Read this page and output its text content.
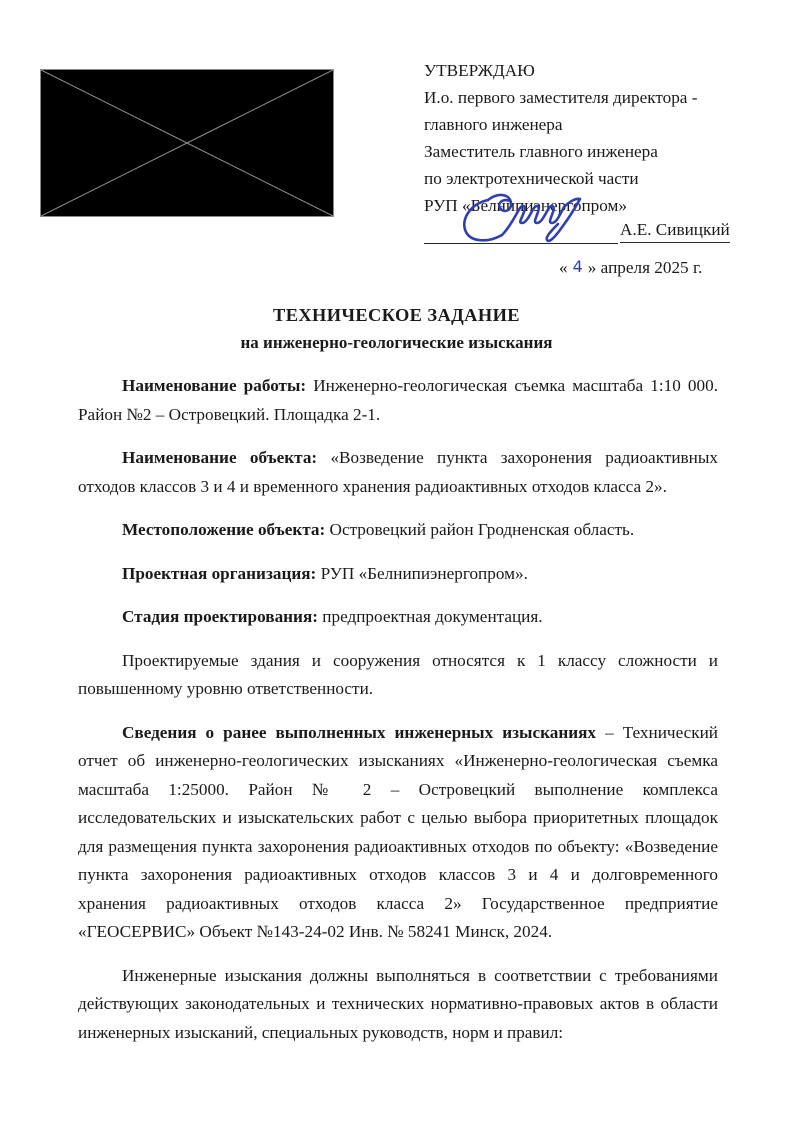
УТВЕРЖДАЮ
И.о. первого заместителя директора -
главного инженера
Заместитель главного инженера
по электротехнической части
РУП «Белнипиэнергопром»
А.Е. Сивицкий
« 4 » апреля 2025 г.
ТЕХНИЧЕСКОЕ ЗАДАНИЕ
на инженерно-геологические изыскания

Наименование работы: Инженерно-геологическая съемка масштаба 1:10 000. Район №2 – Островецкий. Площадка 2-1.

Наименование объекта: «Возведение пункта захоронения радиоактивных отходов классов 3 и 4 и временного хранения радиоактивных отходов класса 2».

Местоположение объекта: Островецкий район Гродненская область.

Проектная организация: РУП «Белнипиэнергопром».

Стадия проектирования: предпроектная документация.

Проектируемые здания и сооружения относятся к 1 классу сложности и повышенному уровню ответственности.

Сведения о ранее выполненных инженерных изысканиях – Технический отчет об инженерно-геологических изысканиях «Инженерно-геологическая съемка масштаба 1:25000. Район № 2 – Островецкий выполнение комплекса исследовательских и изыскательских работ с целью выбора приоритетных площадок для размещения пункта захоронения радиоактивных отходов по объекту: «Возведение пункта захоронения радиоактивных отходов классов 3 и 4 и долговременного хранения радиоактивных отходов класса 2» Государственное предприятие «ГЕОСЕРВИС» Объект №143-24-02 Инв. № 58241 Минск, 2024.

Инженерные изыскания должны выполняться в соответствии с требованиями действующих законодательных и технических нормативно-правовых актов в области инженерных изысканий, специальных руководств, норм и правил:
